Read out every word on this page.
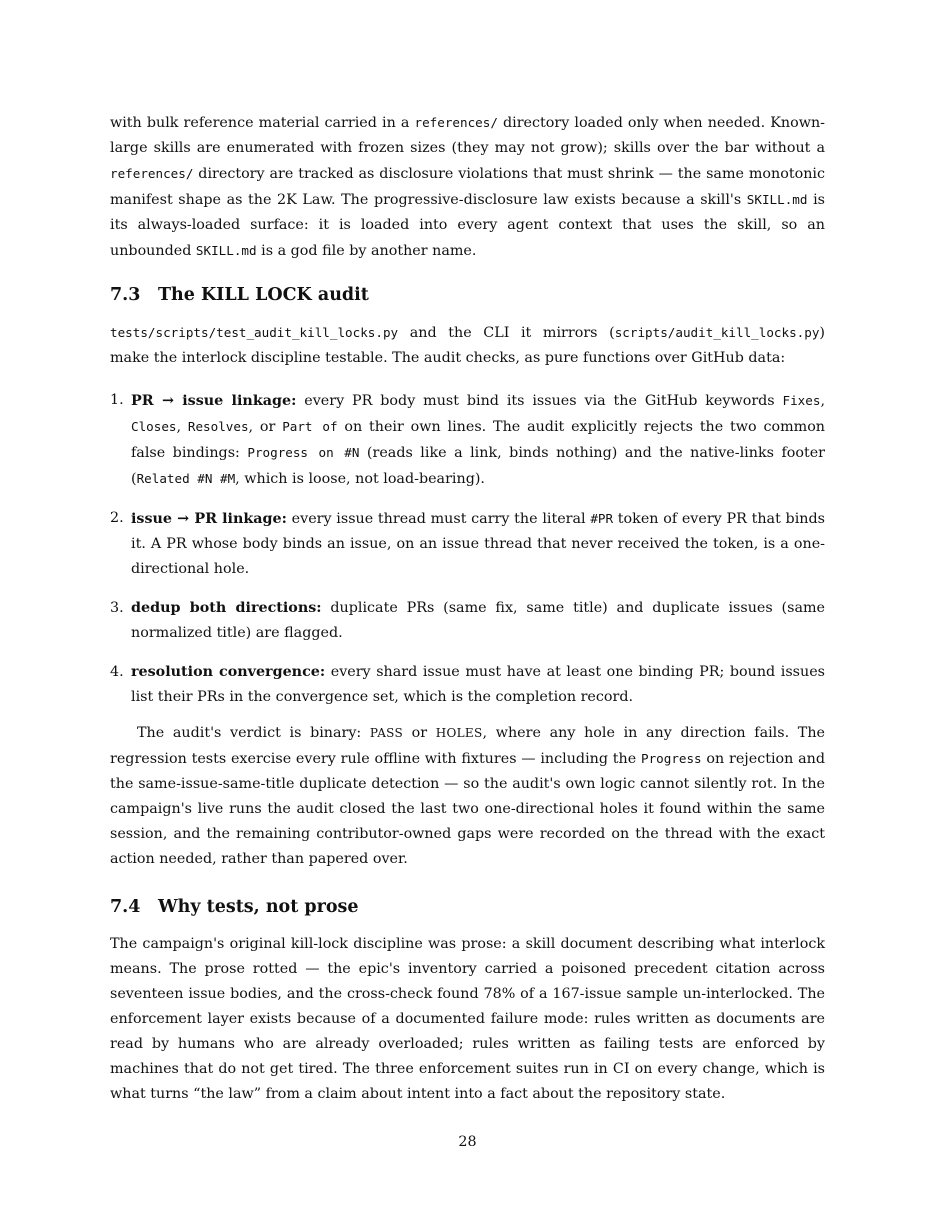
with bulk reference material carried in a references/ directory loaded only when needed. Known-large skills are enumerated with frozen sizes (they may not grow); skills over the bar without a references/ directory are tracked as disclosure violations that must shrink — the same monotonic manifest shape as the 2K Law. The progressive-disclosure law exists because a skill's SKILL.md is its always-loaded surface: it is loaded into every agent context that uses the skill, so an unbounded SKILL.md is a god file by another name.

7.3 The KILL LOCK audit

tests/scripts/test_audit_kill_locks.py and the CLI it mirrors (scripts/audit_kill_locks.py) make the interlock discipline testable. The audit checks, as pure functions over GitHub data:

1. PR → issue linkage: every PR body must bind its issues via the GitHub keywords Fixes, Closes, Resolves, or Part of on their own lines. The audit explicitly rejects the two common false bindings: Progress on #N (reads like a link, binds nothing) and the native-links footer (Related #N #M, which is loose, not load-bearing).
2. issue → PR linkage: every issue thread must carry the literal #PR token of every PR that binds it. A PR whose body binds an issue, on an issue thread that never received the token, is a one-directional hole.
3. dedup both directions: duplicate PRs (same fix, same title) and duplicate issues (same normalized title) are flagged.
4. resolution convergence: every shard issue must have at least one binding PR; bound issues list their PRs in the convergence set, which is the completion record.

The audit's verdict is binary: PASS or HOLES, where any hole in any direction fails. The regression tests exercise every rule offline with fixtures — including the Progress on rejection and the same-issue-same-title duplicate detection — so the audit's own logic cannot silently rot. In the campaign's live runs the audit closed the last two one-directional holes it found within the same session, and the remaining contributor-owned gaps were recorded on the thread with the exact action needed, rather than papered over.

7.4 Why tests, not prose

The campaign's original kill-lock discipline was prose: a skill document describing what interlock means. The prose rotted — the epic's inventory carried a poisoned precedent citation across seventeen issue bodies, and the cross-check found 78% of a 167-issue sample un-interlocked. The enforcement layer exists because of a documented failure mode: rules written as documents are read by humans who are already overloaded; rules written as failing tests are enforced by machines that do not get tired. The three enforcement suites run in CI on every change, which is what turns “the law” from a claim about intent into a fact about the repository state.

28
